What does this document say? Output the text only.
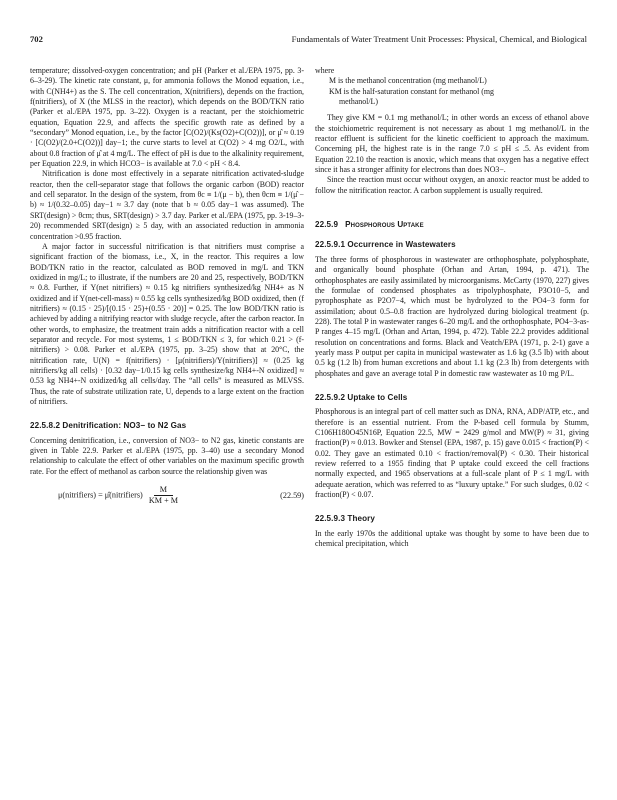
702	Fundamentals of Water Treatment Unit Processes: Physical, Chemical, and Biological

temperature; dissolved-oxygen concentration; and pH (Parker et al./EPA 1975, pp. 3-6–3-29). The kinetic rate constant, μ, for ammonia follows the Monod equation, i.e., with C(NH4+) as the S. The cell concentration, X(nitrifiers), depends on the fraction, f(nitrifiers), of X (the MLSS in the reactor), which depends on the BOD/TKN ratio (Parker et al./EPA 1975, pp. 3–22). Oxygen is a reactant, per the stoichiometric equation, Equation 22.9, and affects the specific growth rate as defined by a “secondary” Monod equation, i.e., by the factor [C(O2)/(Ks(O2)+C(O2))], or μ̂ ≈ 0.19 · [C(O2)/(2.0+C(O2))] day−1; the curve starts to level at C(O2) > 4 mg O2/L, with about 0.8 fraction of μ̂ at 4 mg/L. The effect of pH is due to the alkalinity requirement, per Equation 22.9, in which HCO3− is available at 7.0 < pH < 8.4.

Nitrification is done most effectively in a separate nitrification activated-sludge reactor, then the cell-separator stage that follows the organic carbon (BOD) reactor and cell separator. In the design of the system, from θc ≡ 1/(μ − b), then θcm ≡ 1/(μ̂ − b) ≈ 1/(0.32–0.05) day−1 ≈ 3.7 day (note that b ≈ 0.05 day−1 was assumed). The SRT(design) > θcm; thus, SRT(design) > 3.7 day. Parker et al./EPA (1975, pp. 3-19–3-20) recommended SRT(design) ≥ 5 day, with an associated reduction in ammonia concentration >0.95 fraction.

A major factor in successful nitrification is that nitrifiers must comprise a significant fraction of the biomass, i.e., X, in the reactor. This requires a low BOD/TKN ratio in the reactor, calculated as BOD removed in mg/L and TKN oxidized in mg/L; to illustrate, if the numbers are 20 and 25, respectively, BOD/TKN ≈ 0.8. Further, if Y(net nitrifiers) ≈ 0.15 kg nitrifiers synthesized/kg NH4+ as N oxidized and if Y(net-cell-mass) ≈ 0.55 kg cells synthesized/kg BOD oxidized, then (f nitrifiers) ≈ (0.15 · 25)/[(0.15 · 25)+(0.55 · 20)] = 0.25. The low BOD/TKN ratio is achieved by adding a nitrifying reactor with sludge recycle, after the carbon reactor. In other words, to emphasize, the treatment train adds a nitrification reactor with a cell separator and recycle. For most systems, 1 ≤ BOD/TKN ≤ 3, for which 0.21 > (f-nitrifiers) > 0.08. Parker et al./EPA (1975, pp. 3–25) show that at 20°C, the nitrification rate, U(N) = f(nitrifiers) · [μ(nitrifiers)/Y(nitrifiers)] ≈ (0.25 kg nitrifiers/kg all cells) · [0.32 day−1/0.15 kg cells synthesize/kg NH4+-N oxidized] ≈ 0.53 kg NH4+-N oxidized/kg all cells/day. The “all cells” is measured as MLVSS. Thus, the rate of substrate utilization rate, U, depends to a large extent on the fraction of nitrifiers.

22.5.8.2 Denitrification: NO3− to N2 Gas

Concerning denitrification, i.e., conversion of NO3− to N2 gas, kinetic constants are given in Table 22.9. Parker et al./EPA (1975, pp. 3–40) use a secondary Monod relationship to calculate the effect of other variables on the maximum specific growth rate. For the effect of methanol as carbon source the relationship given was

μ(nitrifiers) = μ̂(nitrifiers) $\frac{M}{KM + M}$	(22.59)
where
M is the methanol concentration (mg methanol/L)
KM is the half-saturation constant for methanol (mg
methanol/L)

They give KM = 0.1 mg methanol/L; in other words an excess of ethanol above the stoichiometric requirement is not necessary as about 1 mg methanol/L in the reactor effluent is sufficient for the kinetic coefficient to approach the maximum. Concerning pH, the highest rate is in the range 7.0 ≤ pH ≤ .5. As evident from Equation 22.10 the reaction is anoxic, which means that oxygen has a negative effect since it has a stronger affinity for electrons than does NO3−.

Since the reaction must occur without oxygen, an anoxic reactor must be added to follow the nitrification reactor. A carbon supplement is usually required.

22.5.9 Phosphorous Uptake
22.5.9.1 Occurrence in Wastewaters

The three forms of phosphorous in wastewater are orthophosphate, polyphosphate, and organically bound phosphate (Orhan and Artan, 1994, p. 471). The orthophosphates are easily assimilated by microorganisms. McCarty (1970, 227) gives the formulae of condensed phosphates as tripolyphosphate, P3O10−5, and pyrophosphate as P2O7−4, which must be hydrolyzed to the PO4−3 form for assimilation; about 0.5–0.8 fraction are hydrolyzed during biological treatment (p. 228). The total P in wastewater ranges 6–20 mg/L and the orthophosphate, PO4−3-as-P ranges 4–15 mg/L (Orhan and Artan, 1994, p. 472). Table 22.2 provides additional resolution on concentrations and forms. Black and Veatch/EPA (1971, p. 2-1) gave a yearly mass P output per capita in municipal wastewater as 1.6 kg (3.5 lb) with about 0.5 kg (1.2 lb) from human excretions and about 1.1 kg (2.3 lb) from detergents with phosphates and gave an average total P in domestic raw wastewater as 10 mg P/L.

22.5.9.2 Uptake to Cells

Phosphorous is an integral part of cell matter such as DNA, RNA, ADP/ATP, etc., and therefore is an essential nutrient. From the P-based cell formula by Stumm, C106H180O45N16P, Equation 22.5, MW = 2429 g/mol and MW(P) ≈ 31, giving fraction(P) ≈ 0.013. Bowker and Stensel (EPA, 1987, p. 15) gave 0.015 < fraction(P) < 0.02. They gave an estimated 0.10 < fraction/removal(P) < 0.30. Their historical review referred to a 1955 finding that P uptake could exceed the cell fractions normally expected, and 1965 observations at a full-scale plant of P ≤ 1 mg/L with adequate aeration, which was referred to as “luxury uptake.” For such sludges, 0.02 < fraction(P) < 0.07.

22.5.9.3 Theory

In the early 1970s the additional uptake was thought by some to have been due to chemical precipitation, which
